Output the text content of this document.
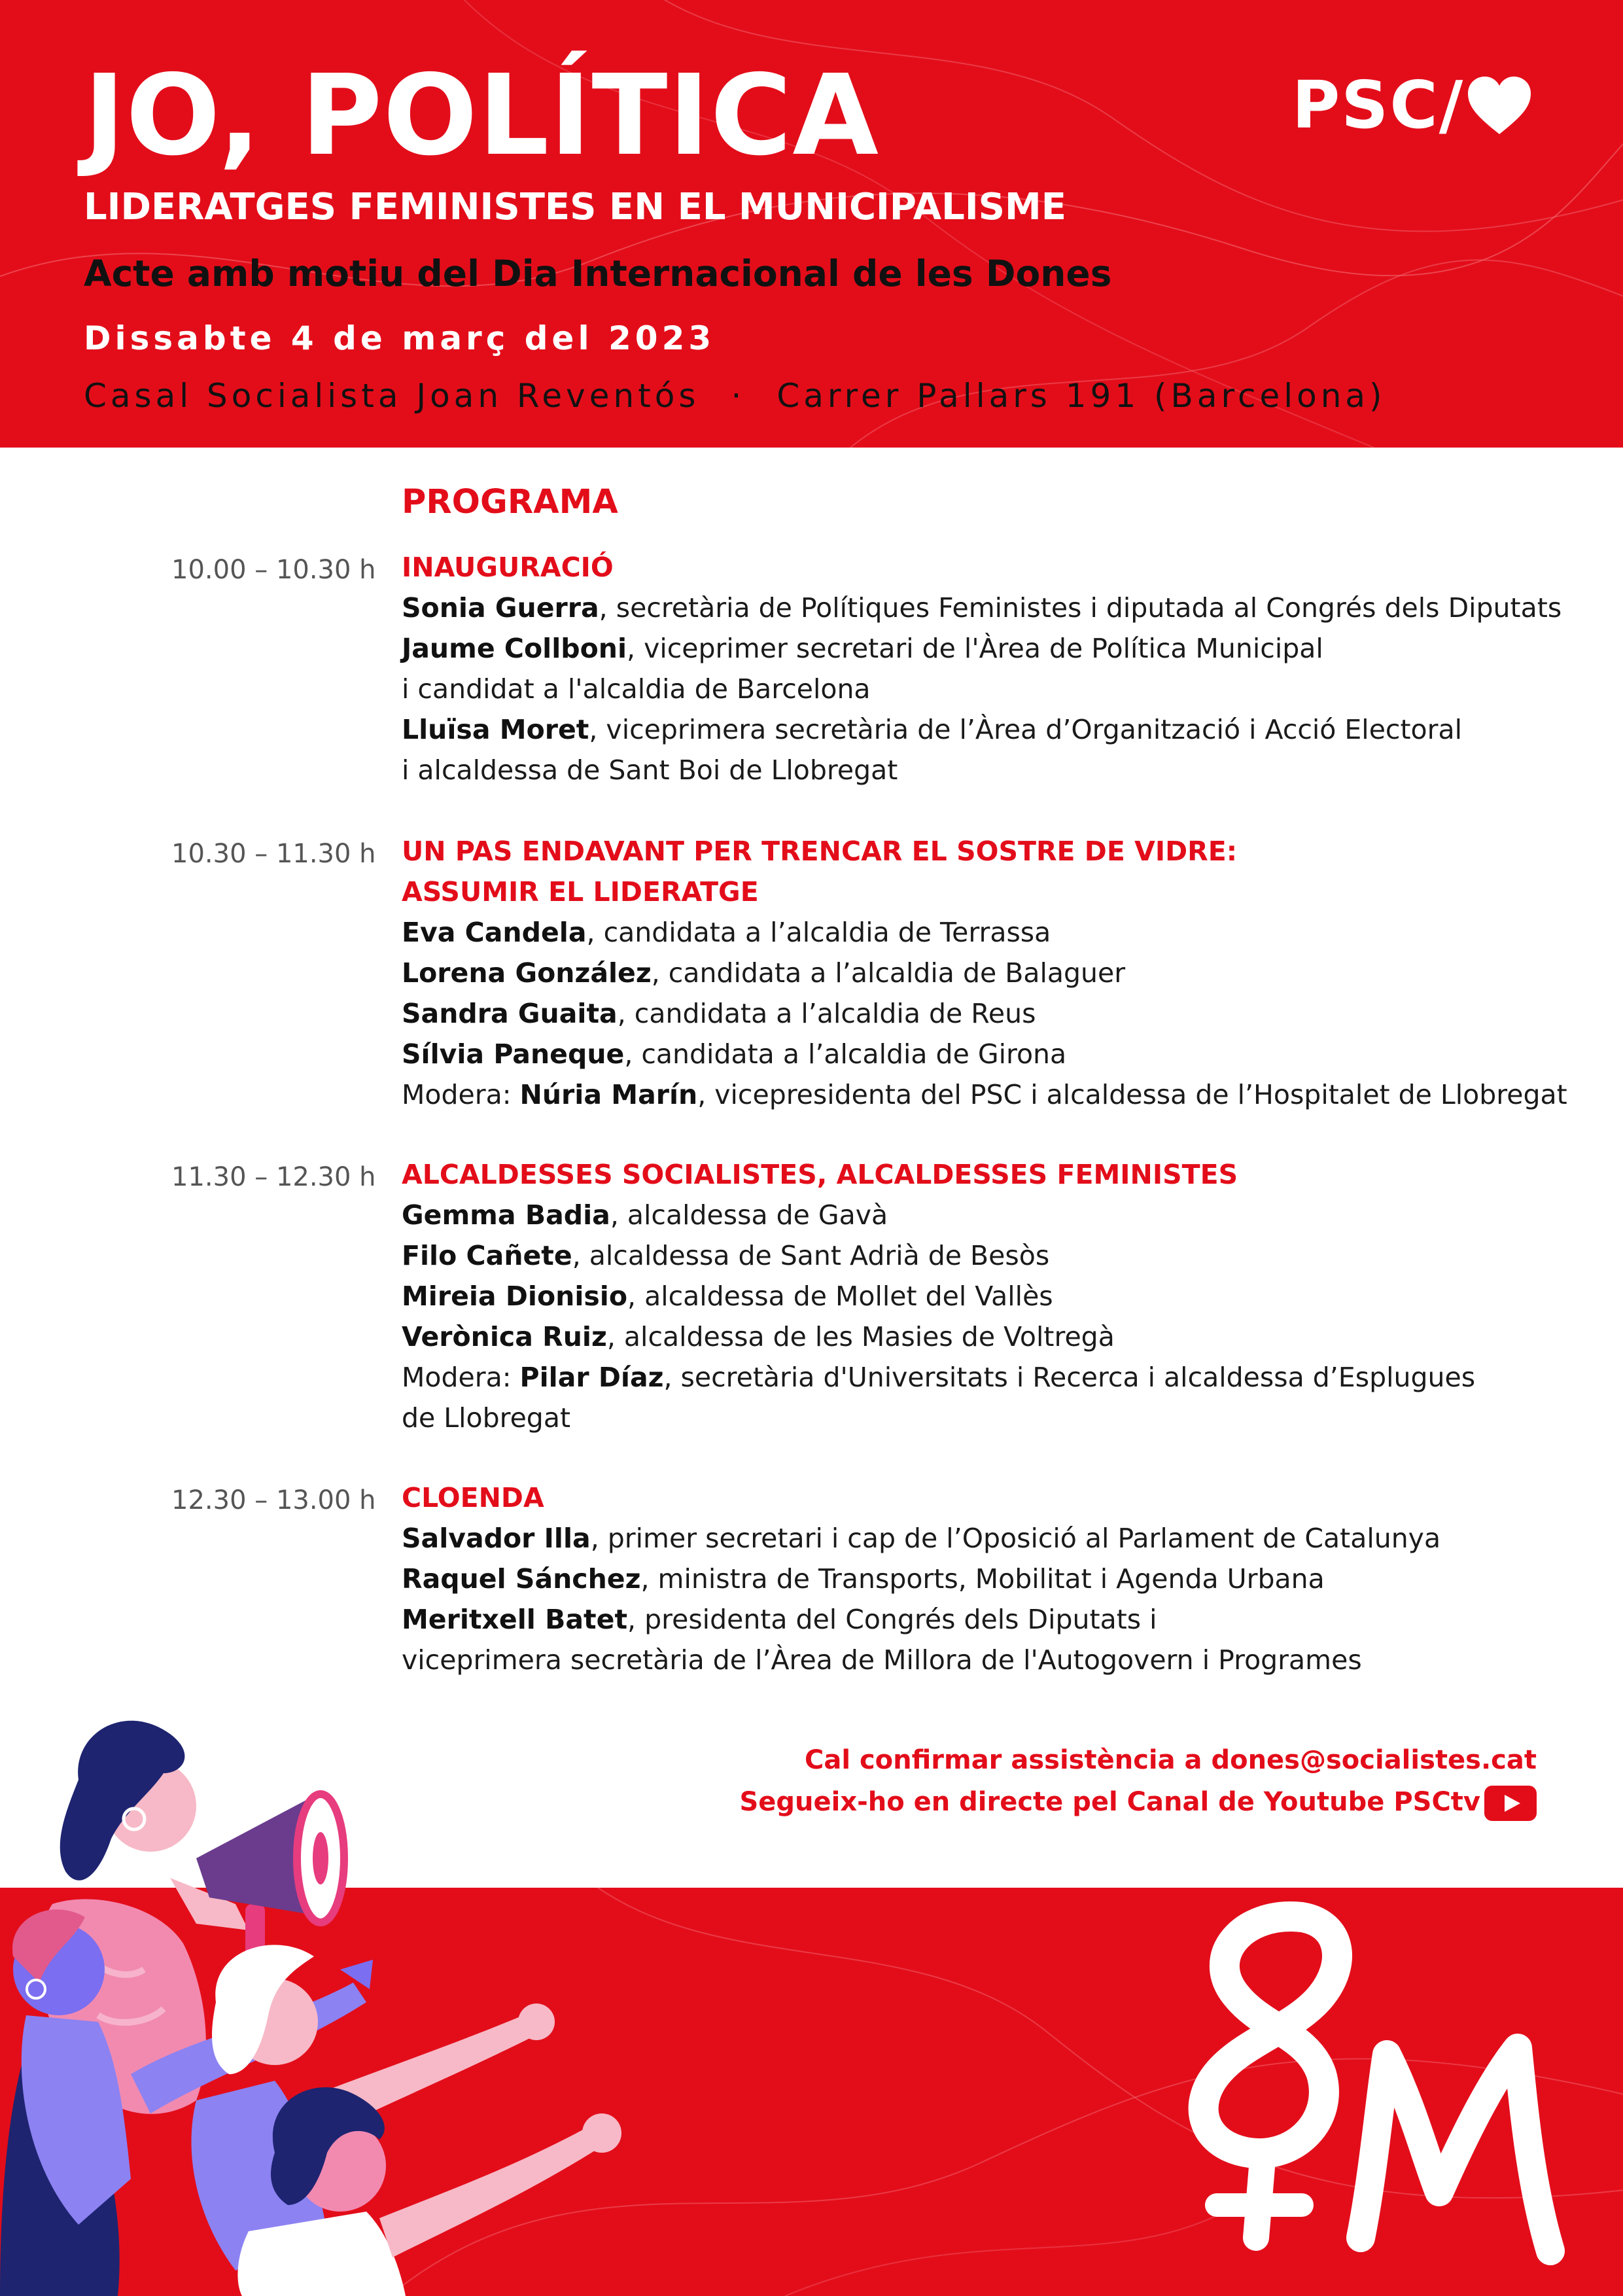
JO, POLÍTICA	PSC/
LIDERATGES FEMINISTES EN EL MUNICIPALISME
Acte amb motiu del Dia Internacional de les Dones
Dissabte 4 de març del 2023
Casal Socialista Joan Reventós · Carrer Pallars 191 (Barcelona)
PROGRAMA
10.00 – 10.30 h INAUGURACIÓ
Sonia Guerra, secretària de Polítiques Feministes i diputada al Congrés dels Diputats
Jaume Collboni, viceprimer secretari de l'Àrea de Política Municipal
i candidat a l'alcaldia de Barcelona
Lluïsa Moret, viceprimera secretària de l’Àrea d’Organització i Acció Electoral
i alcaldessa de Sant Boi de Llobregat
10.30 – 11.30 h UN PAS ENDAVANT PER TRENCAR EL SOSTRE DE VIDRE:
ASSUMIR EL LIDERATGE
Eva Candela, candidata a l’alcaldia de Terrassa
Lorena González, candidata a l’alcaldia de Balaguer
Sandra Guaita, candidata a l’alcaldia de Reus
Sílvia Paneque, candidata a l’alcaldia de Girona
Modera: Núria Marín, vicepresidenta del PSC i alcaldessa de l’Hospitalet de Llobregat
11.30 – 12.30 h ALCALDESSES SOCIALISTES, ALCALDESSES FEMINISTES
Gemma Badia, alcaldessa de Gavà
Filo Cañete, alcaldessa de Sant Adrià de Besòs
Mireia Dionisio, alcaldessa de Mollet del Vallès
Verònica Ruiz, alcaldessa de les Masies de Voltregà
Modera: Pilar Díaz, secretària d'Universitats i Recerca i alcaldessa d’Esplugues
de Llobregat
12.30 – 13.00 h CLOENDA
Salvador Illa, primer secretari i cap de l’Oposició al Parlament de Catalunya
Raquel Sánchez, ministra de Transports, Mobilitat i Agenda Urbana
Meritxell Batet, presidenta del Congrés dels Diputats i
viceprimera secretària de l’Àrea de Millora de l'Autogovern i Programes
Cal confirmar assistència a dones@socialistes.cat
Segueix-ho en directe pel Canal de Youtube PSCtv
